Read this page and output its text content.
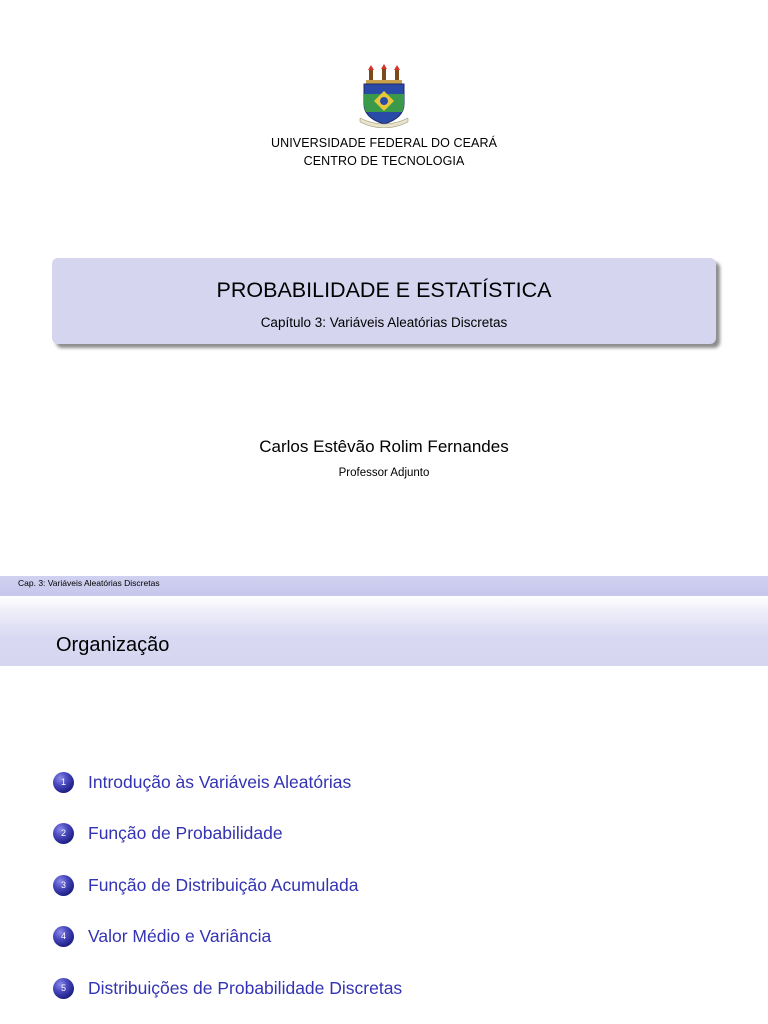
UNIVERSIDADE FEDERAL DO CEARÁ
CENTRO DE TECNOLOGIA
PROBABILIDADE E ESTATÍSTICA
Capítulo 3: Variáveis Aleatórias Discretas
Carlos Estêvão Rolim Fernandes
Professor Adjunto
Cap. 3: Variáveis Aleatórias Discretas
Organização
1	Introdução às Variáveis Aleatórias
2	Função de Probabilidade
3	Função de Distribuição Acumulada
4	Valor Médio e Variância
5	Distribuições de Probabilidade Discretas
